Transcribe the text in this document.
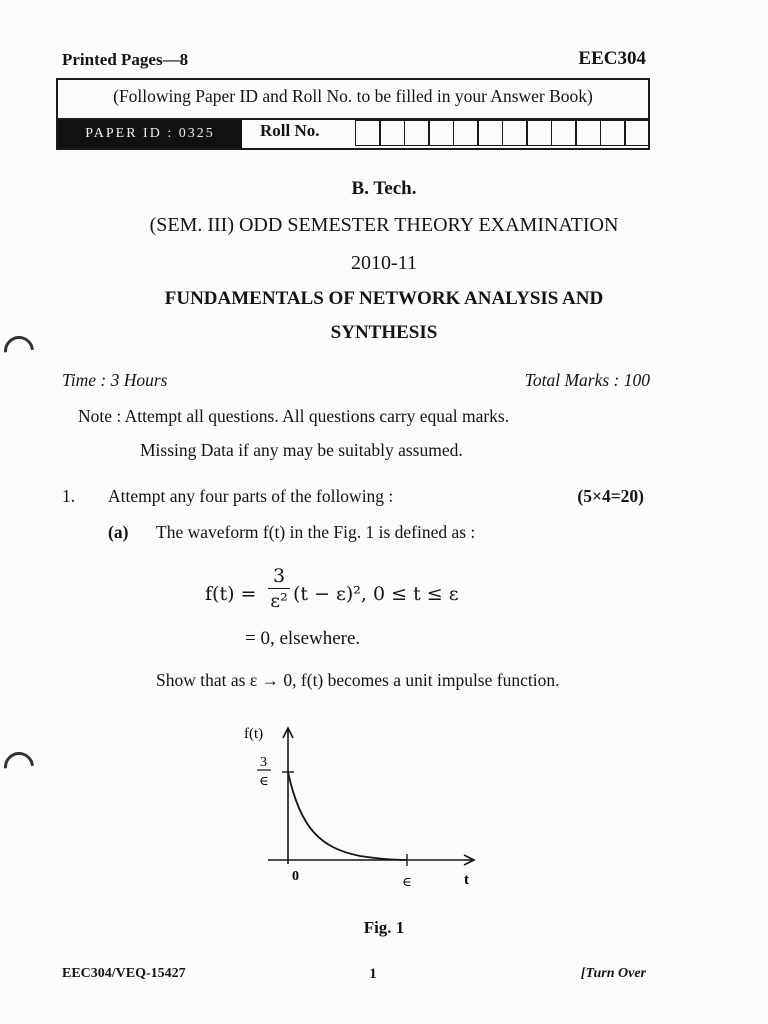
Printed Pages—8	EEC304
(Following Paper ID and Roll No. to be filled in your Answer Book)
PAPER ID : 0325	Roll No.
B. Tech.
(SEM. III) ODD SEMESTER THEORY EXAMINATION
2010-11
FUNDAMENTALS OF NETWORK ANALYSIS AND
SYNTHESIS
Time : 3 Hours	Total Marks : 100
Note : Attempt all questions. All questions carry equal marks.
Missing Data if any may be suitably assumed.
1. Attempt any four parts of the following :	(5×4=20)
(a) The waveform f(t) in the Fig. 1 is defined as :
f(t) =
3
ε² (t − ε)², 0 ≤ t ≤ ε
= 0, elsewhere.
Show that as ε → 0, f(t) becomes a unit impulse function.
f(t)
3
∈
0	∈	t
Fig. 1
EEC304/VEQ-15427	1	[Turn Over
